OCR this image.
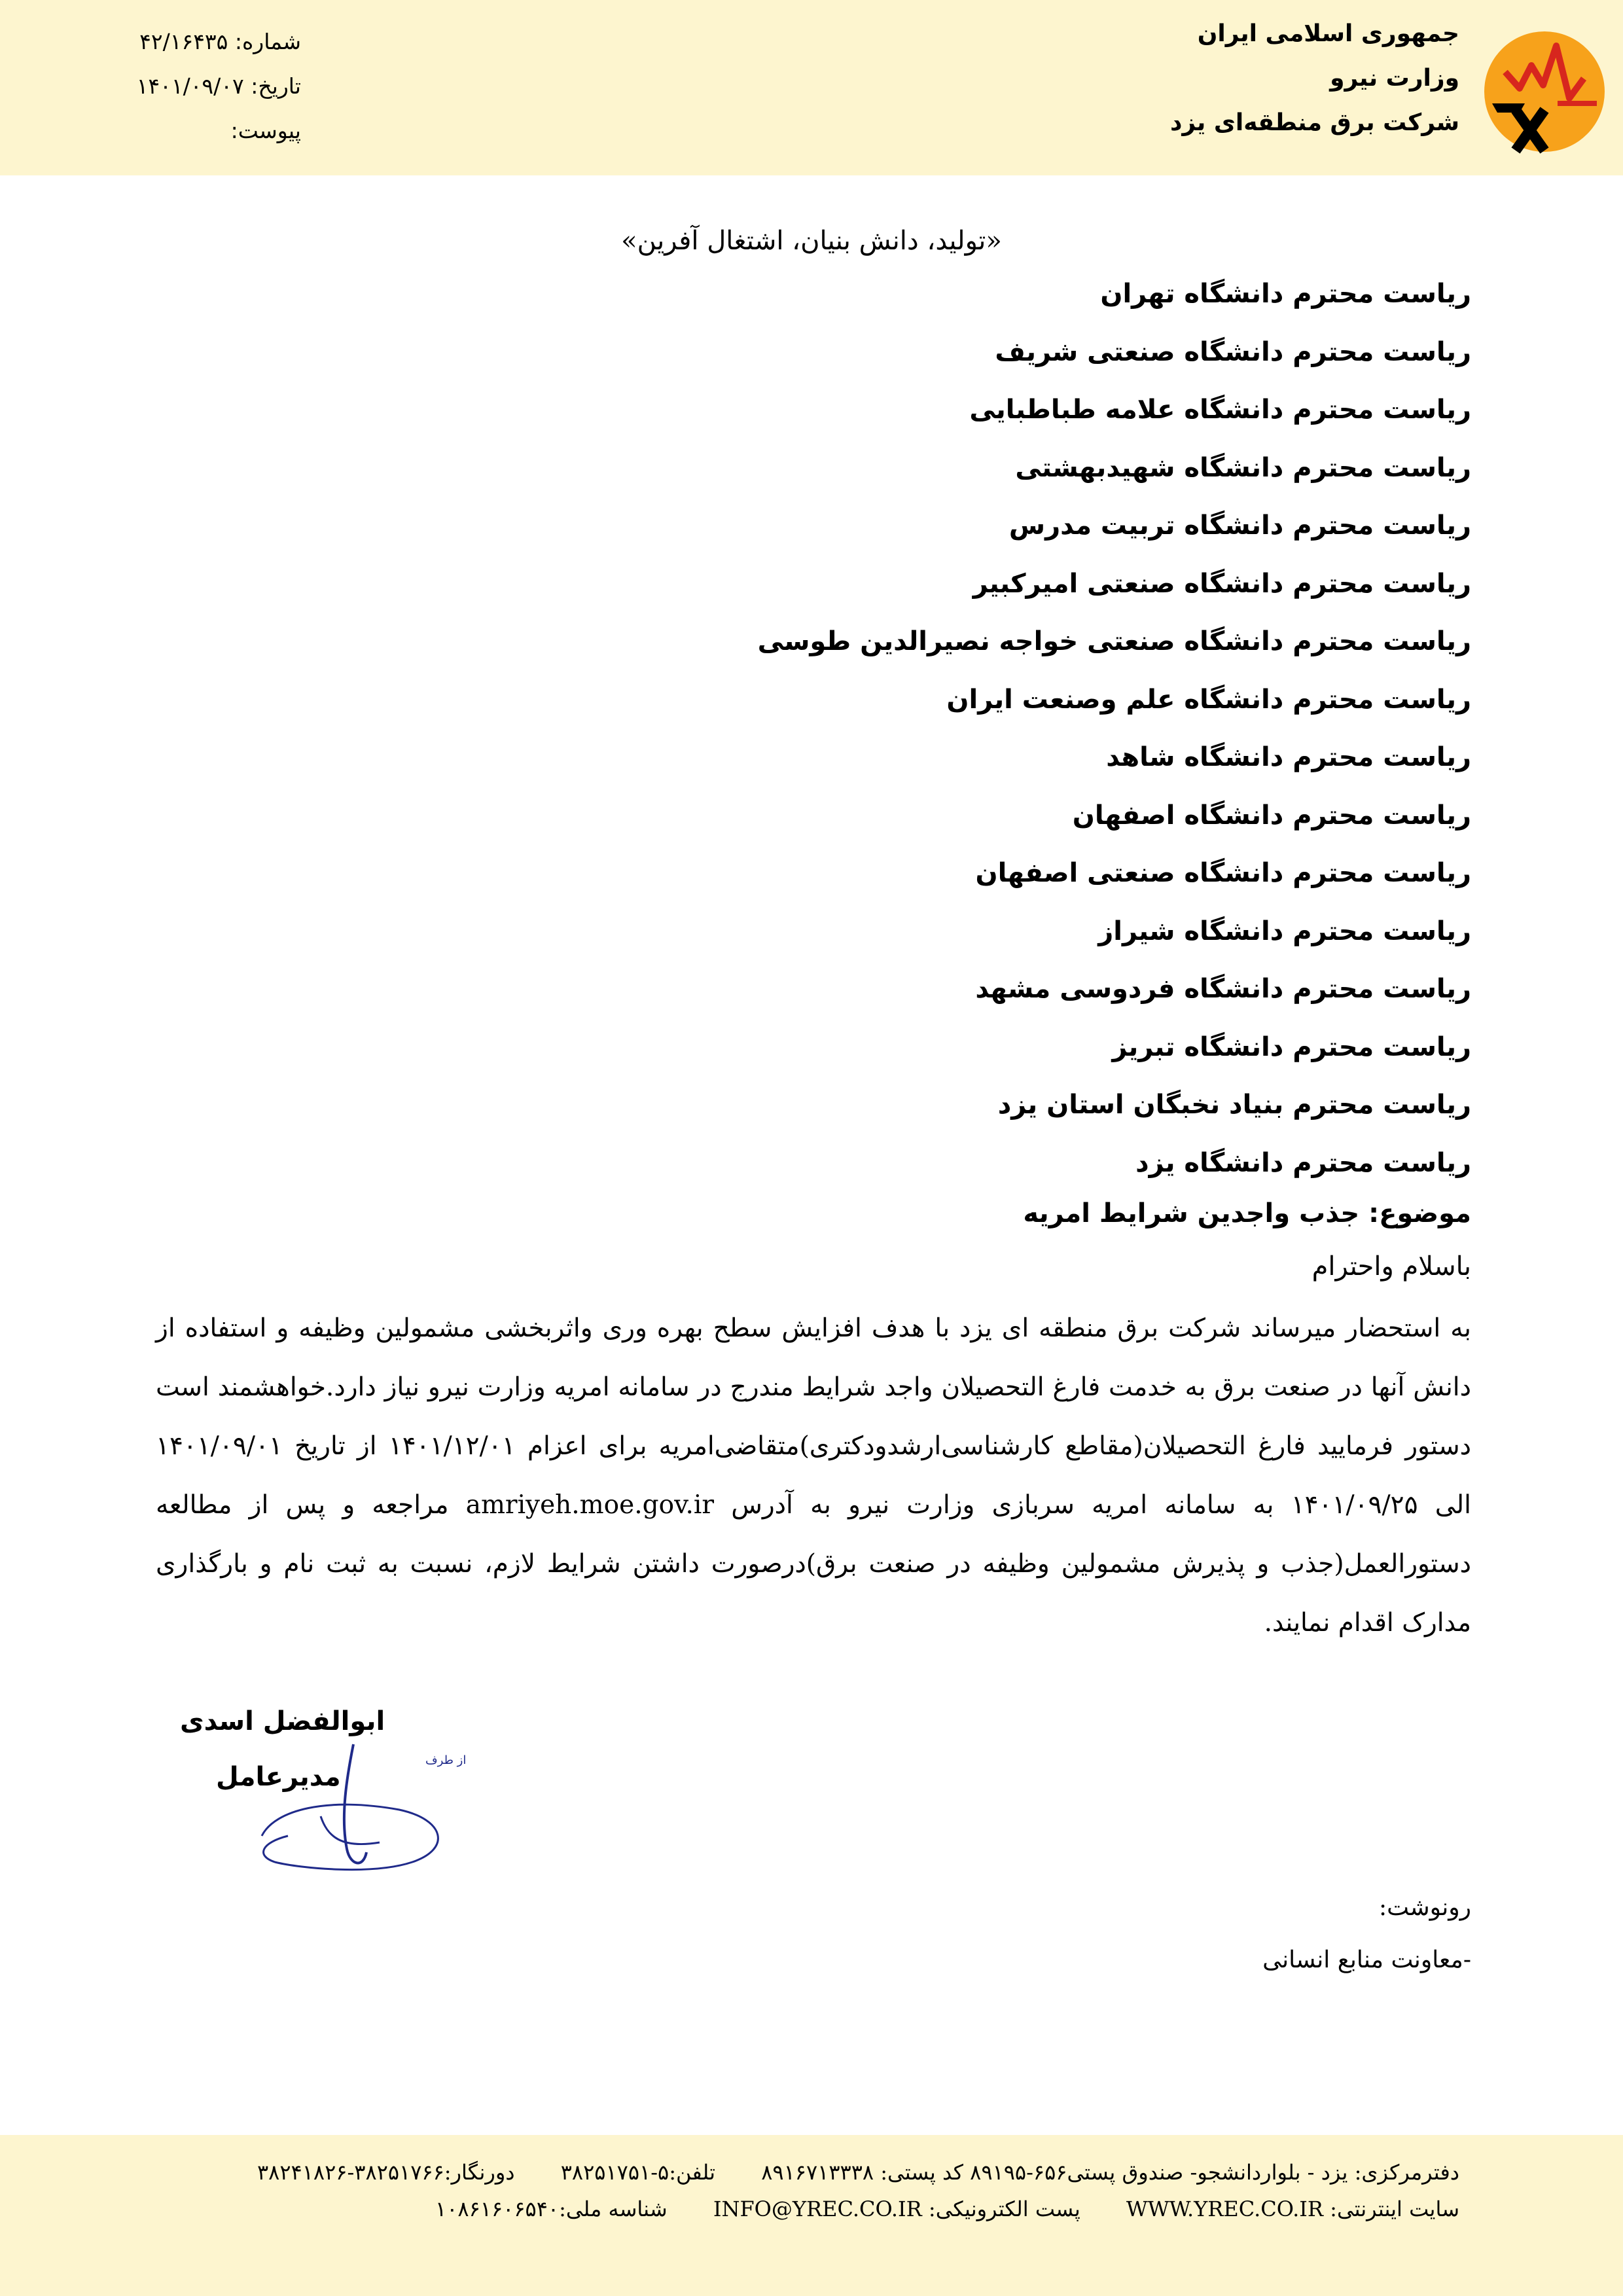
جمهوری اسلامی ایران
وزارت نیرو
شرکت برق منطقه‌ای یزد
شماره: ۴۲/۱۶۴۳۵
تاریخ: ۱۴۰۱/۰۹/۰۷
پیوست:
«تولید، دانش بنیان، اشتغال آفرین»
ریاست محترم دانشگاه تهران
ریاست محترم دانشگاه صنعتی شریف
ریاست محترم دانشگاه علامه طباطبایی
ریاست محترم دانشگاه شهیدبهشتی
ریاست محترم دانشگاه تربیت مدرس
ریاست محترم دانشگاه صنعتی امیرکبیر
ریاست محترم دانشگاه صنعتی خواجه نصیرالدین طوسی
ریاست محترم دانشگاه علم وصنعت ایران
ریاست محترم دانشگاه شاهد
ریاست محترم دانشگاه اصفهان
ریاست محترم دانشگاه صنعتی اصفهان
ریاست محترم دانشگاه شیراز
ریاست محترم دانشگاه فردوسی مشهد
ریاست محترم دانشگاه تبریز
ریاست محترم بنیاد نخبگان استان یزد
ریاست محترم دانشگاه یزد
موضوع: جذب واجدین شرایط امریه
باسلام واحترام

به استحضار میرساند شرکت برق منطقه ای یزد با هدف افزایش سطح بهره وری واثربخشی مشمولین وظیفه و استفاده از دانش آنها در صنعت برق به خدمت فارغ التحصیلان واجد شرایط مندرج در سامانه امریه وزارت نیرو نیاز دارد.خواهشمند است دستور فرمایید فارغ التحصیلان(مقاطع کارشناسی‌ارشدودکتری)متقاضی‌امریه برای اعزام ۱۴۰۱/۱۲/۰۱ از تاریخ ۱۴۰۱/۰۹/۰۱ الی ۱۴۰۱/۰۹/۲۵ به سامانه امریه سربازی وزارت نیرو به آدرس amriyeh.moe.gov.ir مراجعه و پس از مطالعه دستورالعمل(جذب و پذیرش مشمولین وظیفه در صنعت برق)درصورت داشتن شرایط لازم، نسبت به ثبت نام و بارگذاری مدارک اقدام نمایند.

ابوالفضل اسدی
مدیرعامل
از طرف
رونوشت:
-معاونت منابع انسانی
دفترمرکزی: یزد - بلواردانشجو- صندوق پستی۶۵۶-۸۹۱۹۵ کد پستی: ۸۹۱۶۷۱۳۳۳۸ تلفن:۵-۳۸۲۵۱۷۵۱ دورنگار:۳۸۲۵۱۷۶۶-۳۸۲۴۱۸۲۶
سایت اینترنتی: WWW.YREC.CO.IR پست الکترونیکی: INFO@YREC.CO.IR شناسه ملی:۱۰۸۶۱۶۰۶۵۴۰
